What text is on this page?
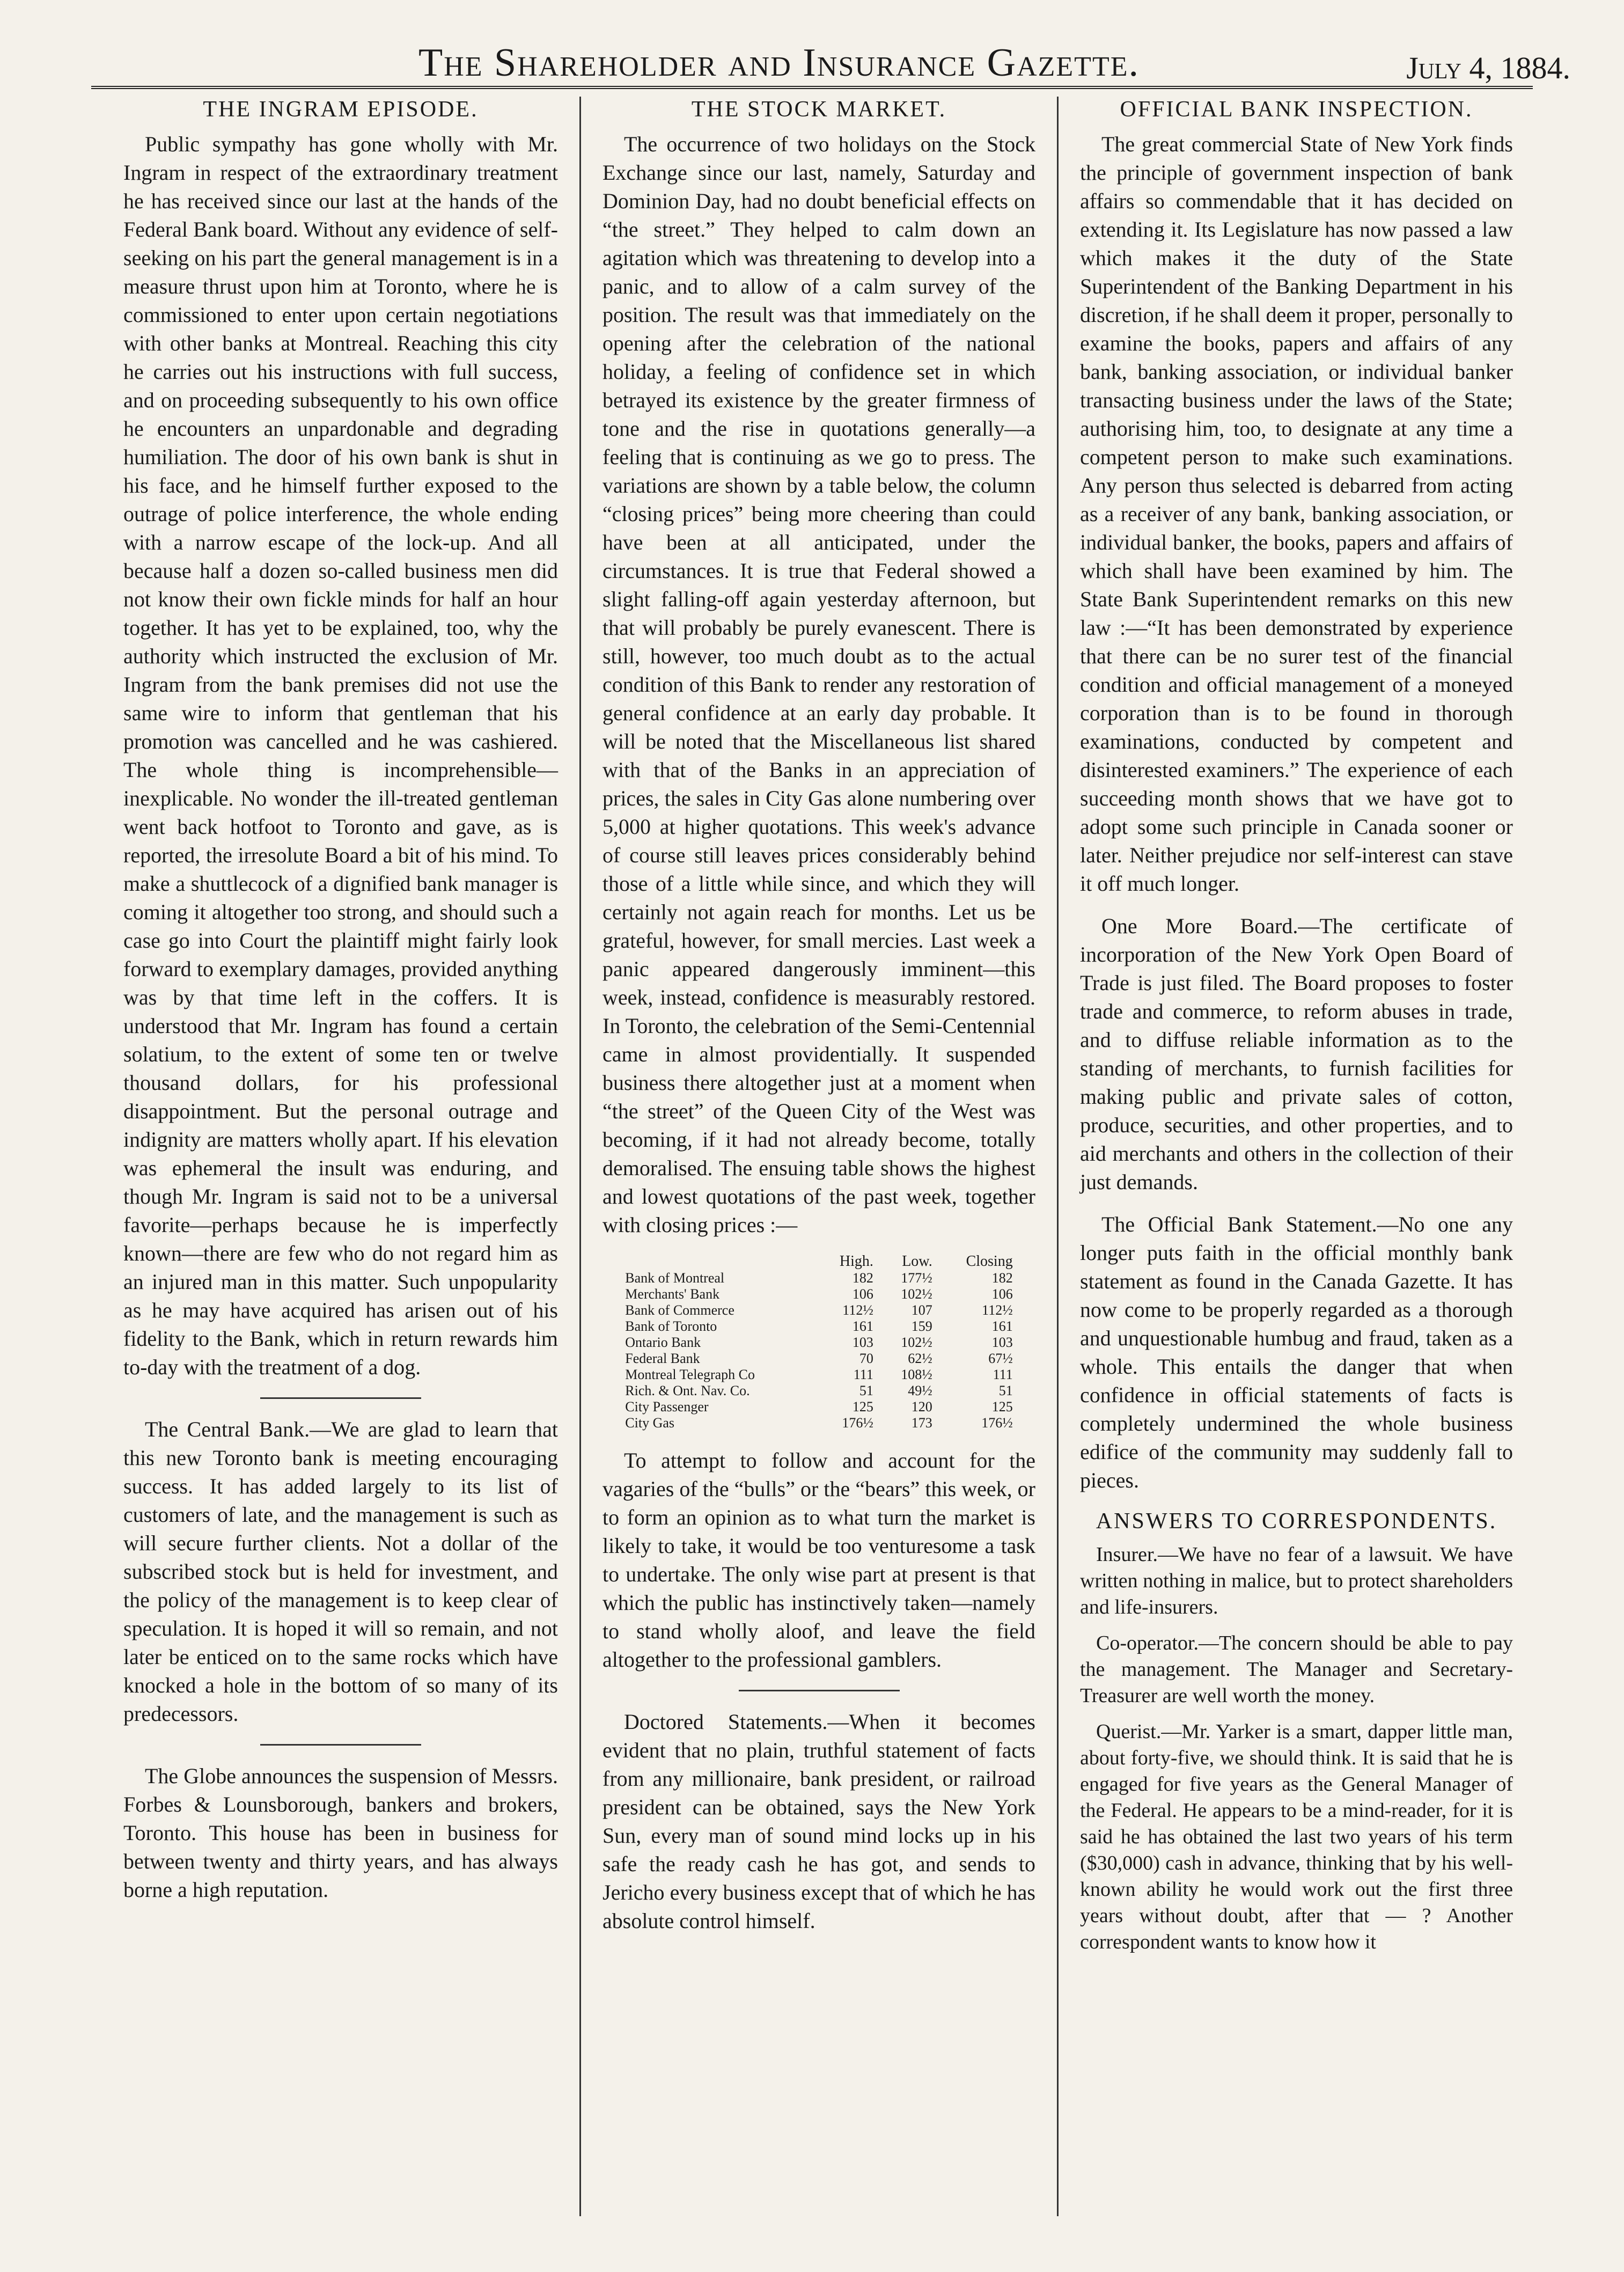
The Shareholder and Insurance Gazette.	July 4, 1884.
THE INGRAM EPISODE.

Public sympathy has gone wholly with Mr. Ingram in respect of the extraordinary treatment he has received since our last at the hands of the Federal Bank board. Without any evidence of self-seeking on his part the general management is in a measure thrust upon him at Toronto, where he is commissioned to enter upon certain negotiations with other banks at Montreal. Reaching this city he carries out his instructions with full success, and on proceeding subsequently to his own office he encounters an unpardonable and degrading humiliation. The door of his own bank is shut in his face, and he himself further exposed to the outrage of police interference, the whole ending with a narrow escape of the lock-up. And all because half a dozen so-called business men did not know their own fickle minds for half an hour together. It has yet to be explained, too, why the authority which instructed the exclusion of Mr. Ingram from the bank premises did not use the same wire to inform that gentleman that his promotion was cancelled and he was cashiered. The whole thing is incomprehensible—inexplicable. No wonder the ill-treated gentleman went back hotfoot to Toronto and gave, as is reported, the irresolute Board a bit of his mind. To make a shuttlecock of a dignified bank manager is coming it altogether too strong, and should such a case go into Court the plaintiff might fairly look forward to exemplary damages, provided anything was by that time left in the coffers. It is understood that Mr. Ingram has found a certain solatium, to the extent of some ten or twelve thousand dollars, for his professional disappointment. But the personal outrage and indignity are matters wholly apart. If his elevation was ephemeral the insult was enduring, and though Mr. Ingram is said not to be a universal favorite—perhaps because he is imperfectly known—there are few who do not regard him as an injured man in this matter. Such unpopularity as he may have acquired has arisen out of his fidelity to the Bank, which in return rewards him to-day with the treatment of a dog.

The Central Bank.—We are glad to learn that this new Toronto bank is meeting encouraging success. It has added largely to its list of customers of late, and the management is such as will secure further clients. Not a dollar of the subscribed stock but is held for investment, and the policy of the management is to keep clear of speculation. It is hoped it will so remain, and not later be enticed on to the same rocks which have knocked a hole in the bottom of so many of its predecessors.

The Globe announces the suspension of Messrs. Forbes & Lounsborough, bankers and brokers, Toronto. This house has been in business for between twenty and thirty years, and has always borne a high reputation.

THE STOCK MARKET.

The occurrence of two holidays on the Stock Exchange since our last, namely, Saturday and Dominion Day, had no doubt beneficial effects on “the street.” They helped to calm down an agitation which was threatening to develop into a panic, and to allow of a calm survey of the position. The result was that immediately on the opening after the celebration of the national holiday, a feeling of confidence set in which betrayed its existence by the greater firmness of tone and the rise in quotations generally—a feeling that is continuing as we go to press. The variations are shown by a table below, the column “closing prices” being more cheering than could have been at all anticipated, under the circumstances. It is true that Federal showed a slight falling-off again yesterday afternoon, but that will probably be purely evanescent. There is still, however, too much doubt as to the actual condition of this Bank to render any restoration of general confidence at an early day probable. It will be noted that the Miscellaneous list shared with that of the Banks in an appreciation of prices, the sales in City Gas alone numbering over 5,000 at higher quotations. This week's advance of course still leaves prices considerably behind those of a little while since, and which they will certainly not again reach for months. Let us be grateful, however, for small mercies. Last week a panic appeared dangerously imminent—this week, instead, confidence is measurably restored. In Toronto, the celebration of the Semi-Centennial came in almost providentially. It suspended business there altogether just at a moment when “the street” of the Queen City of the West was becoming, if it had not already become, totally demoralised. The ensuing table shows the highest and lowest quotations of the past week, together with closing prices :—

	High.	Low.	Closing
Bank of Montreal	182	177½	182
Merchants' Bank	106	102½	106
Bank of Commerce	112½	107	112½
Bank of Toronto	161	159	161
Ontario Bank	103	102½	103
Federal Bank	70	62½	67½
Montreal Telegraph Co	111	108½	111
Rich. & Ont. Nav. Co.	51	49½	51
City Passenger	125	120	125
City Gas	176½	173	176½

To attempt to follow and account for the vagaries of the “bulls” or the “bears” this week, or to form an opinion as to what turn the market is likely to take, it would be too venturesome a task to undertake. The only wise part at present is that which the public has instinctively taken—namely to stand wholly aloof, and leave the field altogether to the professional gamblers.

Doctored Statements.—When it becomes evident that no plain, truthful statement of facts from any millionaire, bank president, or railroad president can be obtained, says the New York Sun, every man of sound mind locks up in his safe the ready cash he has got, and sends to Jericho every business except that of which he has absolute control himself.

OFFICIAL BANK INSPECTION.

The great commercial State of New York finds the principle of government inspection of bank affairs so commendable that it has decided on extending it. Its Legislature has now passed a law which makes it the duty of the State Superintendent of the Banking Department in his discretion, if he shall deem it proper, personally to examine the books, papers and affairs of any bank, banking association, or individual banker transacting business under the laws of the State; authorising him, too, to designate at any time a competent person to make such examinations. Any person thus selected is debarred from acting as a receiver of any bank, banking association, or individual banker, the books, papers and affairs of which shall have been examined by him. The State Bank Superintendent remarks on this new law :—“It has been demonstrated by experience that there can be no surer test of the financial condition and official management of a moneyed corporation than is to be found in thorough examinations, conducted by competent and disinterested examiners.” The experience of each succeeding month shows that we have got to adopt some such principle in Canada sooner or later. Neither prejudice nor self-interest can stave it off much longer.

One More Board.—The certificate of incorporation of the New York Open Board of Trade is just filed. The Board proposes to foster trade and commerce, to reform abuses in trade, and to diffuse reliable information as to the standing of merchants, to furnish facilities for making public and private sales of cotton, produce, securities, and other properties, and to aid merchants and others in the collection of their just demands.

The Official Bank Statement.—No one any longer puts faith in the official monthly bank statement as found in the Canada Gazette. It has now come to be properly regarded as a thorough and unquestionable humbug and fraud, taken as a whole. This entails the danger that when confidence in official statements of facts is completely undermined the whole business edifice of the community may suddenly fall to pieces.

ANSWERS TO CORRESPONDENTS.

Insurer.—We have no fear of a lawsuit. We have written nothing in malice, but to protect shareholders and life-insurers.

Co-operator.—The concern should be able to pay the management. The Manager and Secretary-Treasurer are well worth the money.

Querist.—Mr. Yarker is a smart, dapper little man, about forty-five, we should think. It is said that he is engaged for five years as the General Manager of the Federal. He appears to be a mind-reader, for it is said he has obtained the last two years of his term ($30,000) cash in advance, thinking that by his well-known ability he would work out the first three years without doubt, after that — ? Another correspondent wants to know how it
